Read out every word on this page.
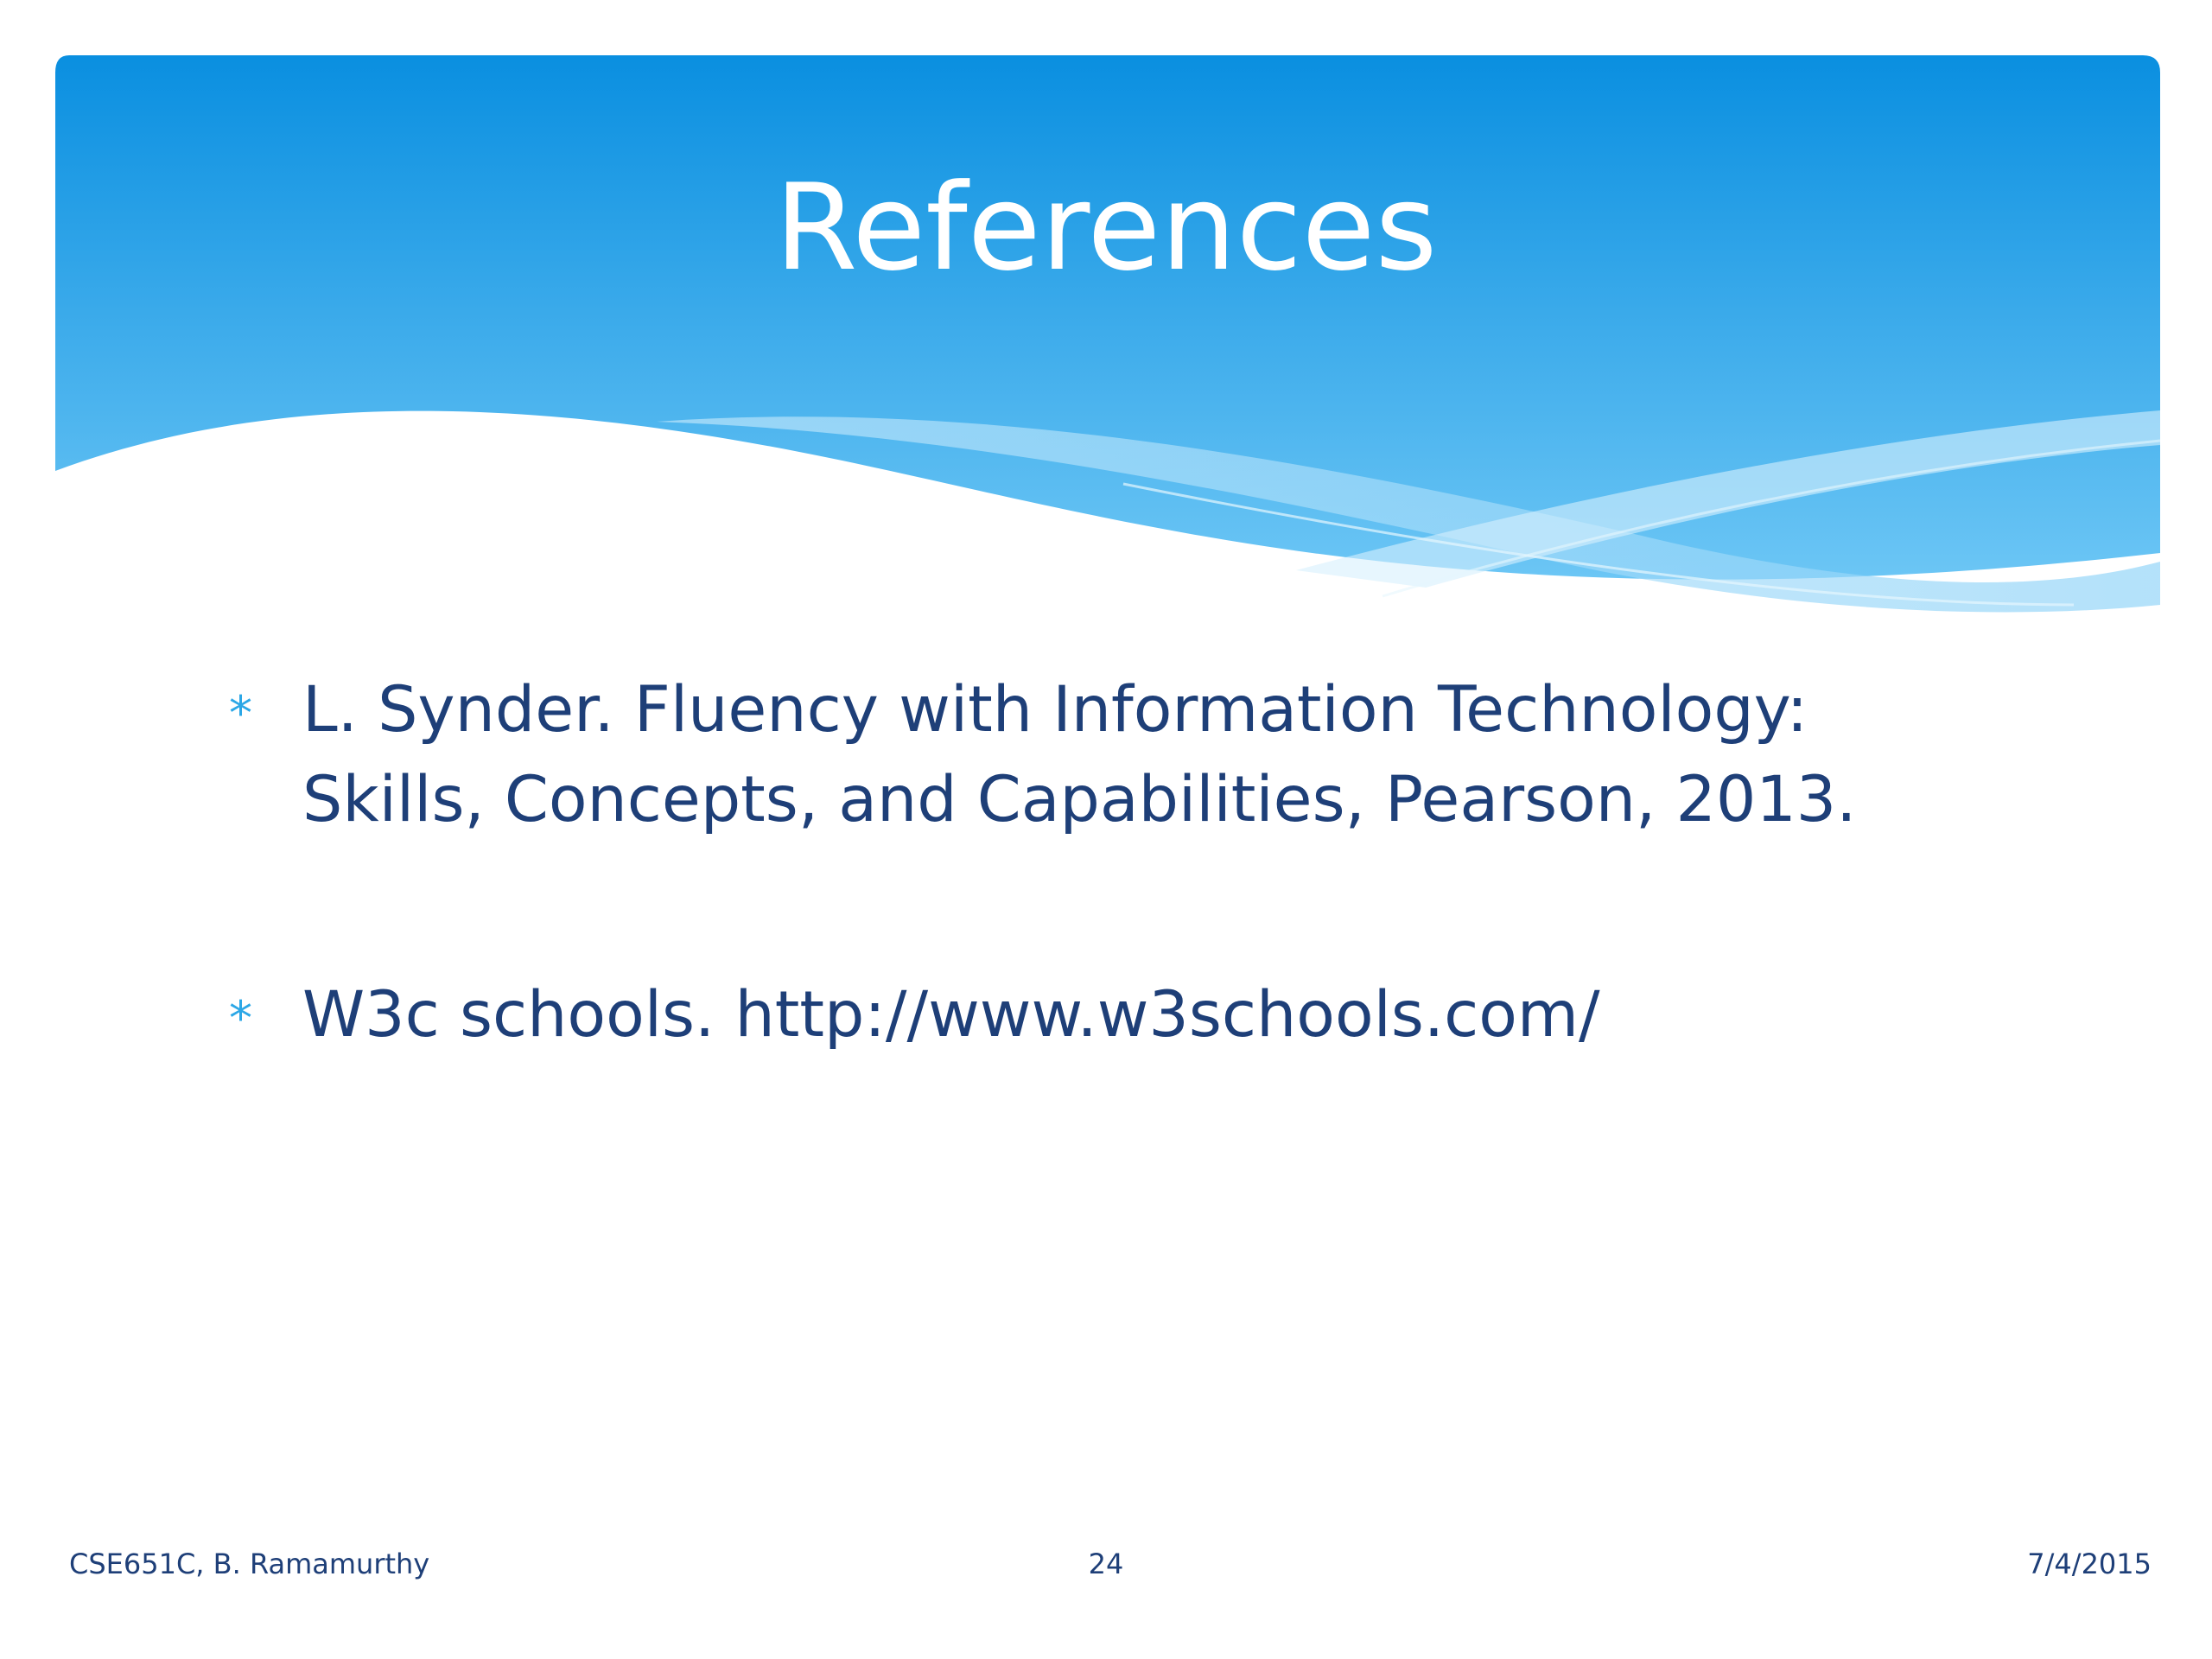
References
* L. Synder. Fluency with Information Technology:
Skills, Concepts, and Capabilities, Pearson, 2013.
* W3c schools. http://www.w3schools.com/
CSE651C, B. Ramamurthy	24	7/4/2015
